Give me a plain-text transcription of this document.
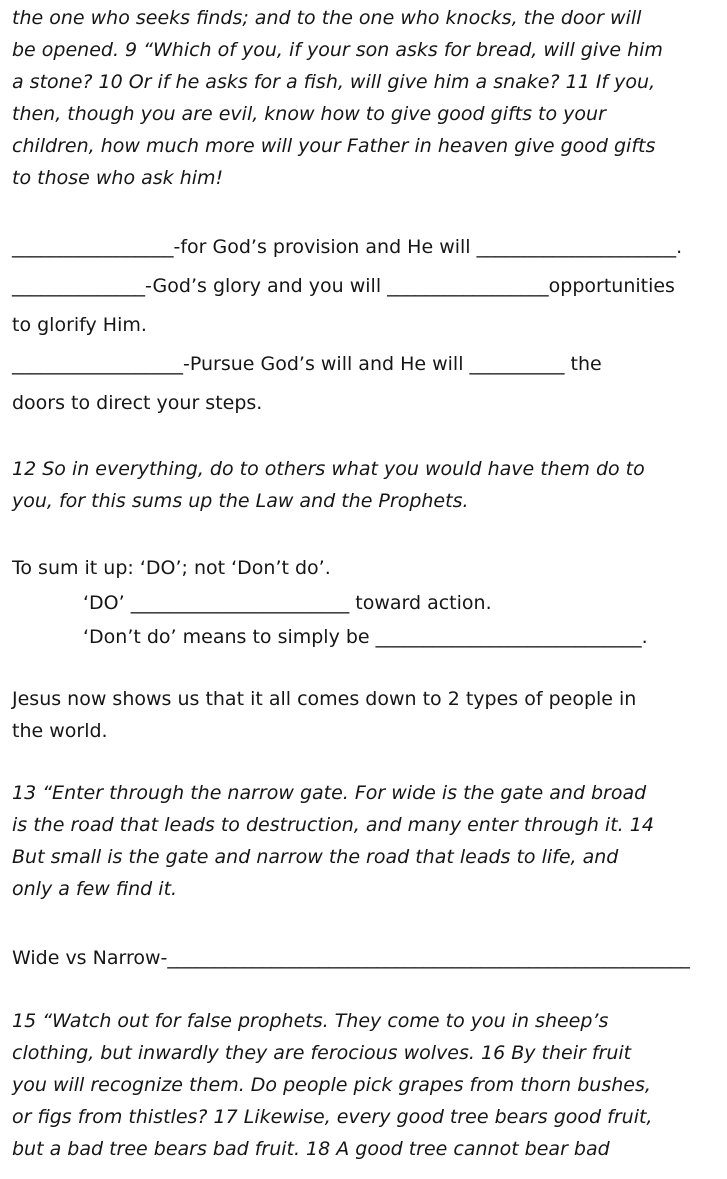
the one who seeks finds; and to the one who knocks, the door will
be opened. 9 “Which of you, if your son asks for bread, will give him
a stone? 10 Or if he asks for a fish, will give him a snake? 11 If you,
then, though you are evil, know how to give good gifts to your
children, how much more will your Father in heaven give good gifts
to those who ask him!
_________________-for God’s provision and He will _____________________.
______________-God’s glory and you will _________________opportunities
to glorify Him.
__________________-Pursue God’s will and He will __________ the
doors to direct your steps.
12 So in everything, do to others what you would have them do to
you, for this sums up the Law and the Prophets.
To sum it up: ‘DO’; not ‘Don’t do’.
‘DO’ _______________________ toward action.
‘Don’t do’ means to simply be ____________________________.
Jesus now shows us that it all comes down to 2 types of people in
the world.
13 “Enter through the narrow gate. For wide is the gate and broad
is the road that leads to destruction, and many enter through it. 14
But small is the gate and narrow the road that leads to life, and
only a few find it.
Wide vs Narrow-_______________________________________________________
15 “Watch out for false prophets. They come to you in sheep’s
clothing, but inwardly they are ferocious wolves. 16 By their fruit
you will recognize them. Do people pick grapes from thorn bushes,
or figs from thistles? 17 Likewise, every good tree bears good fruit,
but a bad tree bears bad fruit. 18 A good tree cannot bear bad
